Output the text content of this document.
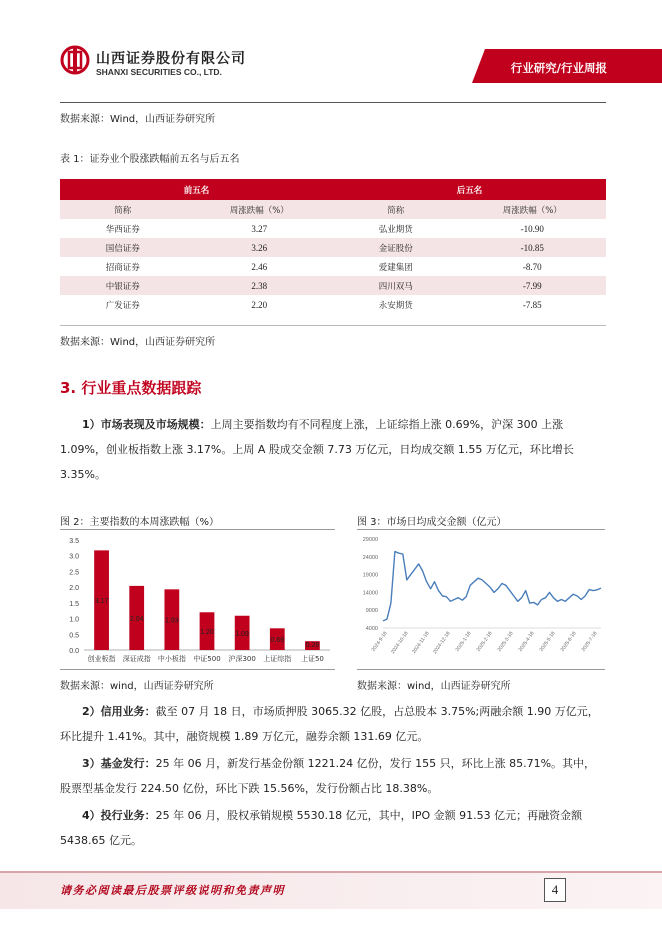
山西证券股份有限公司
SHANXI SECURITIES CO., LTD.	行业研究/行业周报
数据来源：Wind，山西证券研究所
表 1：证券业个股涨跌幅前五名与后五名
前五名		后五名	
简称	周涨跌幅（%）	简称	周涨跌幅（%）
华西证券	3.27	弘业期货	-10.90
国信证券	3.26	金证股份	-10.85
招商证券	2.46	爱建集团	-8.70
中银证券	2.38	四川双马	-7.99
广发证券	2.20	永安期货	-7.85
数据来源：Wind，山西证券研究所
3. 行业重点数据跟踪
1）市场表现及市场规模：上周主要指数均有不同程度上涨，上证综指上涨 0.69%，沪深 300 上涨 1.09%，创业板指数上涨 3.17%。上周 A 股成交金额 7.73 万亿元，日均成交额 1.55 万亿元，环比增长 3.35%。
图 2：主要指数的本周涨跌幅（%）	图 3：市场日均成交金额（亿元）
0.0
0.5
1.0
1.5
2.0
2.5
3.0
3.5
3.17
创业板指
2.04
深证成指
1.93
中小板指
1.20
中证500
1.09
沪深300
0.69
上证综指
0.28
上证50
4000
9000
14000
19000
24000
29000
2024-9-18 2024-10-18 2024-11-18 2024-12-18 2025-1-18 2025-2-18 2025-3-18 2025-4-18 2025-5-18 2025-6-18 2025-7-18
数据来源：wind，山西证券研究所	数据来源：wind，山西证券研究所
2）信用业务：截至 07 月 18 日，市场质押股 3065.32 亿股，占总股本 3.75%;两融余额 1.90 万亿元，环比提升 1.41%。其中，融资规模 1.89 万亿元，融券余额 131.69 亿元。
3）基金发行：25 年 06 月，新发行基金份额 1221.24 亿份，发行 155 只，环比上涨 85.71%。其中，股票型基金发行 224.50 亿份，环比下跌 15.56%，发行份额占比 18.38%。
4）投行业务：25 年 06 月，股权承销规模 5530.18 亿元，其中，IPO 金额 91.53 亿元；再融资金额 5438.65 亿元。
请务必阅读最后股票评级说明和免责声明	4
